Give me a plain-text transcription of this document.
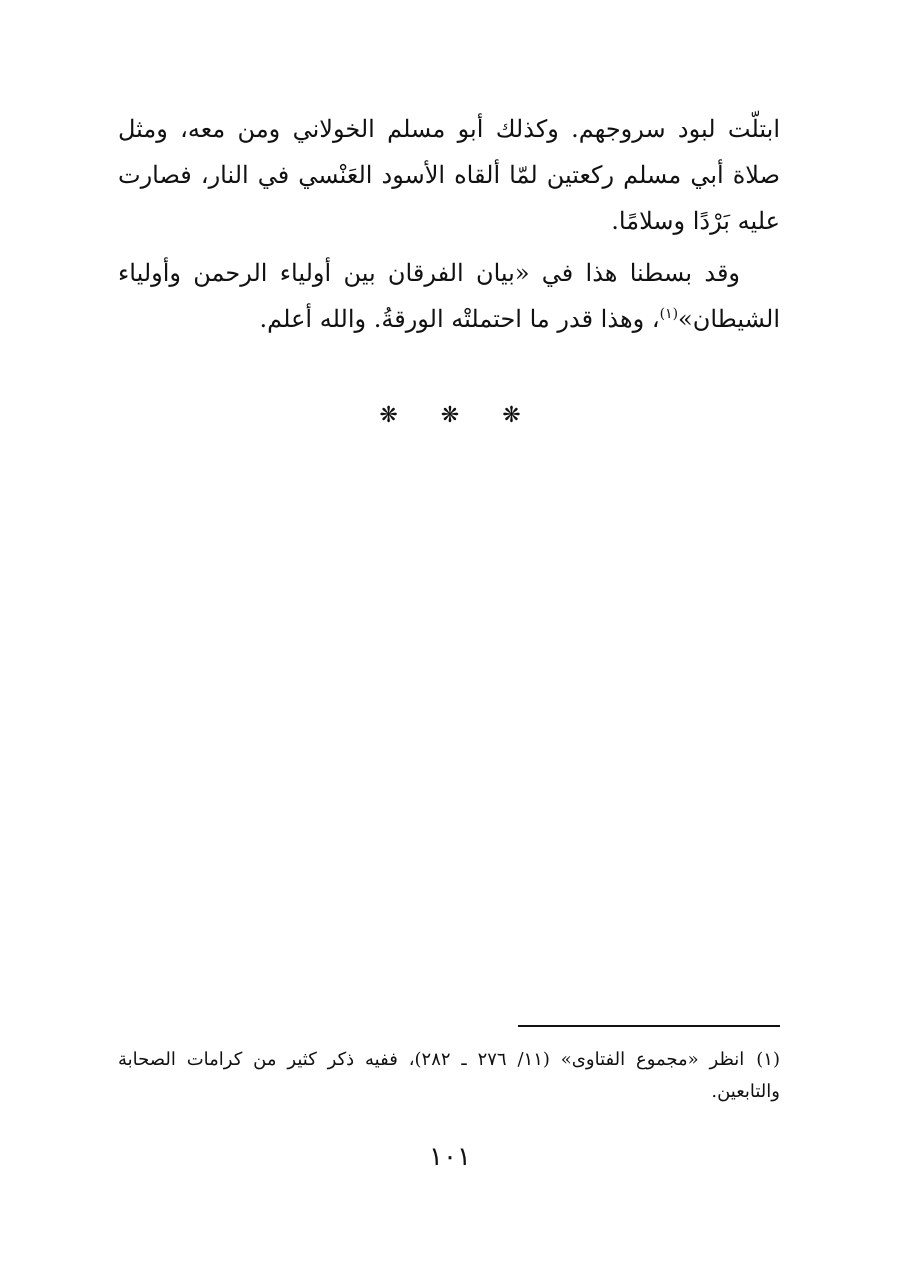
ابتلّت لبود سروجهم. وكذلك أبو مسلم الخولاني ومن معه، ومثل صلاة أبي مسلم ركعتين لمّا ألقاه الأسود العَنْسي في النار، فصارت عليه بَرْدًا وسلامًا.

وقد بسطنا هذا في «بيان الفرقان بين أولياء الرحمن وأولياء الشيطان»$^{(١)}$، وهذا قدر ما احتملتْه الورقةُ. والله أعلم.

❋ ❋ ❋
(١)انظر «مجموع الفتاوى» (١١/ ٢٧٦ ـ ٢٨٢)، ففيه ذكر كثير من كرامات الصحابة والتابعين.
١٠١
